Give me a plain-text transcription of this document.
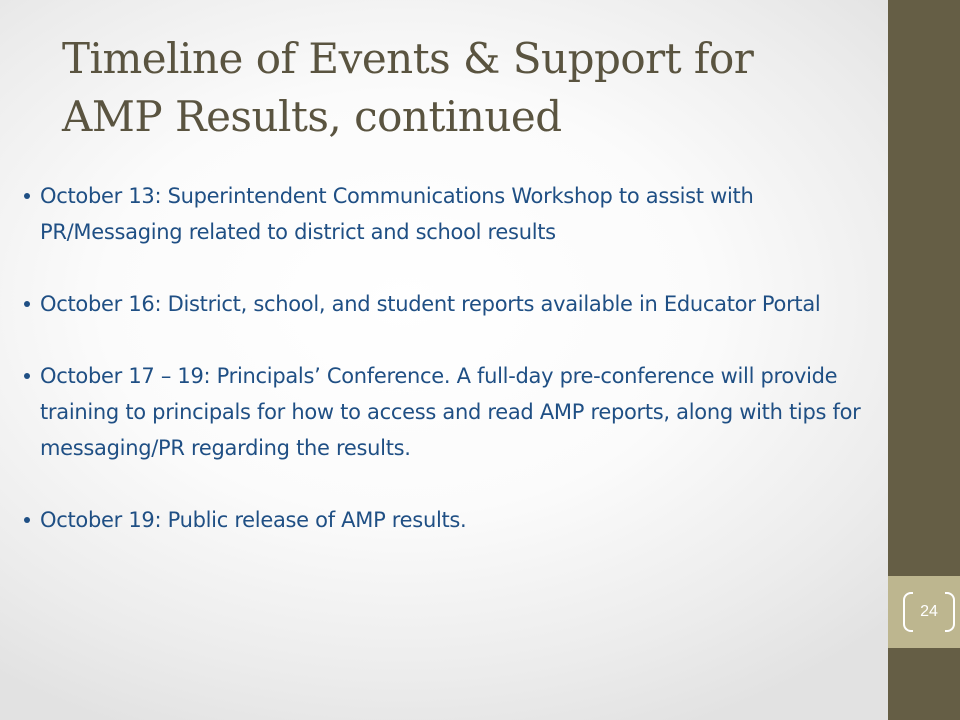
Timeline of Events & Support for
AMP Results, continued
October 13: Superintendent Communications Workshop to assist with PR/Messaging related to district and school results
October 16: District, school, and student reports available in Educator Portal
October 17 – 19: Principals’ Conference. A full-day pre-conference will provide training to principals for how to access and read AMP reports, along with tips for messaging/PR regarding the results.
October 19: Public release of AMP results.
24
